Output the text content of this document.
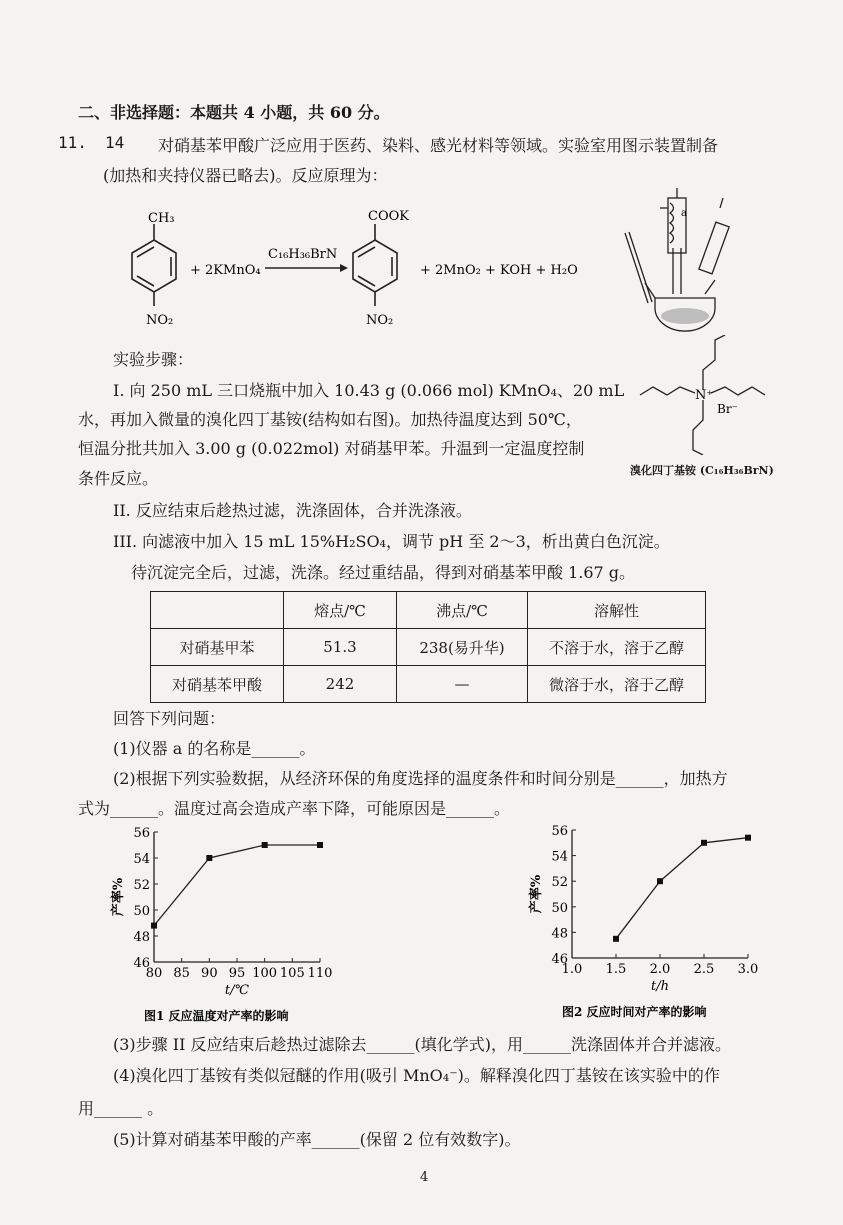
二、非选择题：本题共 4 小题，共 60 分。
11. 14 对硝基苯甲酸广泛应用于医药、染料、感光材料等领域。实验室用图示装置制备
(加热和夹持仪器已略去)。反应原理为：
CH₃
NO₂
+ 2KMnO₄
C₁₆H₃₆BrN
COOK
NO₂
+ 2MnO₂ + KOH + H₂O
a
实验步骤：
I. 向 250 mL 三口烧瓶中加入 10.43 g (0.066 mol) KMnO₄、20 mL
水，再加入微量的溴化四丁基铵(结构如右图)。加热待温度达到 50℃，
恒温分批共加入 3.00 g (0.022mol) 对硝基甲苯。升温到一定温度控制
条件反应。
N⁺
Br⁻
溴化四丁基铵 (C₁₆H₃₆BrN)
II. 反应结束后趁热过滤，洗涤固体，合并洗涤液。
III. 向滤液中加入 15 mL 15%H₂SO₄，调节 pH 至 2～3，析出黄白色沉淀。
待沉淀完全后，过滤，洗涤。经过重结晶，得到对硝基苯甲酸 1.67 g。
	熔点/℃	沸点/℃	溶解性
对硝基甲苯	51.3	238(易升华)	不溶于水，溶于乙醇
对硝基苯甲酸	242	—	微溶于水，溶于乙醇
回答下列问题：
(1)仪器 a 的名称是______。
(2)根据下列实验数据，从经济环保的角度选择的温度条件和时间分别是______，加热方
式为______。温度过高会造成产率下降，可能原因是______。
46
48
50
52
54
56
80 85 90 95 100 105 110
t/℃
产率%
图1 反应温度对产率的影响
46
48
50
52
54
56
1.0 1.5 2.0 2.5 3.0
t/h
产率%
图2 反应时间对产率的影响
(3)步骤 II 反应结束后趁热过滤除去______(填化学式)，用______洗涤固体并合并滤液。
(4)溴化四丁基铵有类似冠醚的作用(吸引 MnO₄⁻)。解释溴化四丁基铵在该实验中的作
用______ 。
(5)计算对硝基苯甲酸的产率______(保留 2 位有效数字)。
4
